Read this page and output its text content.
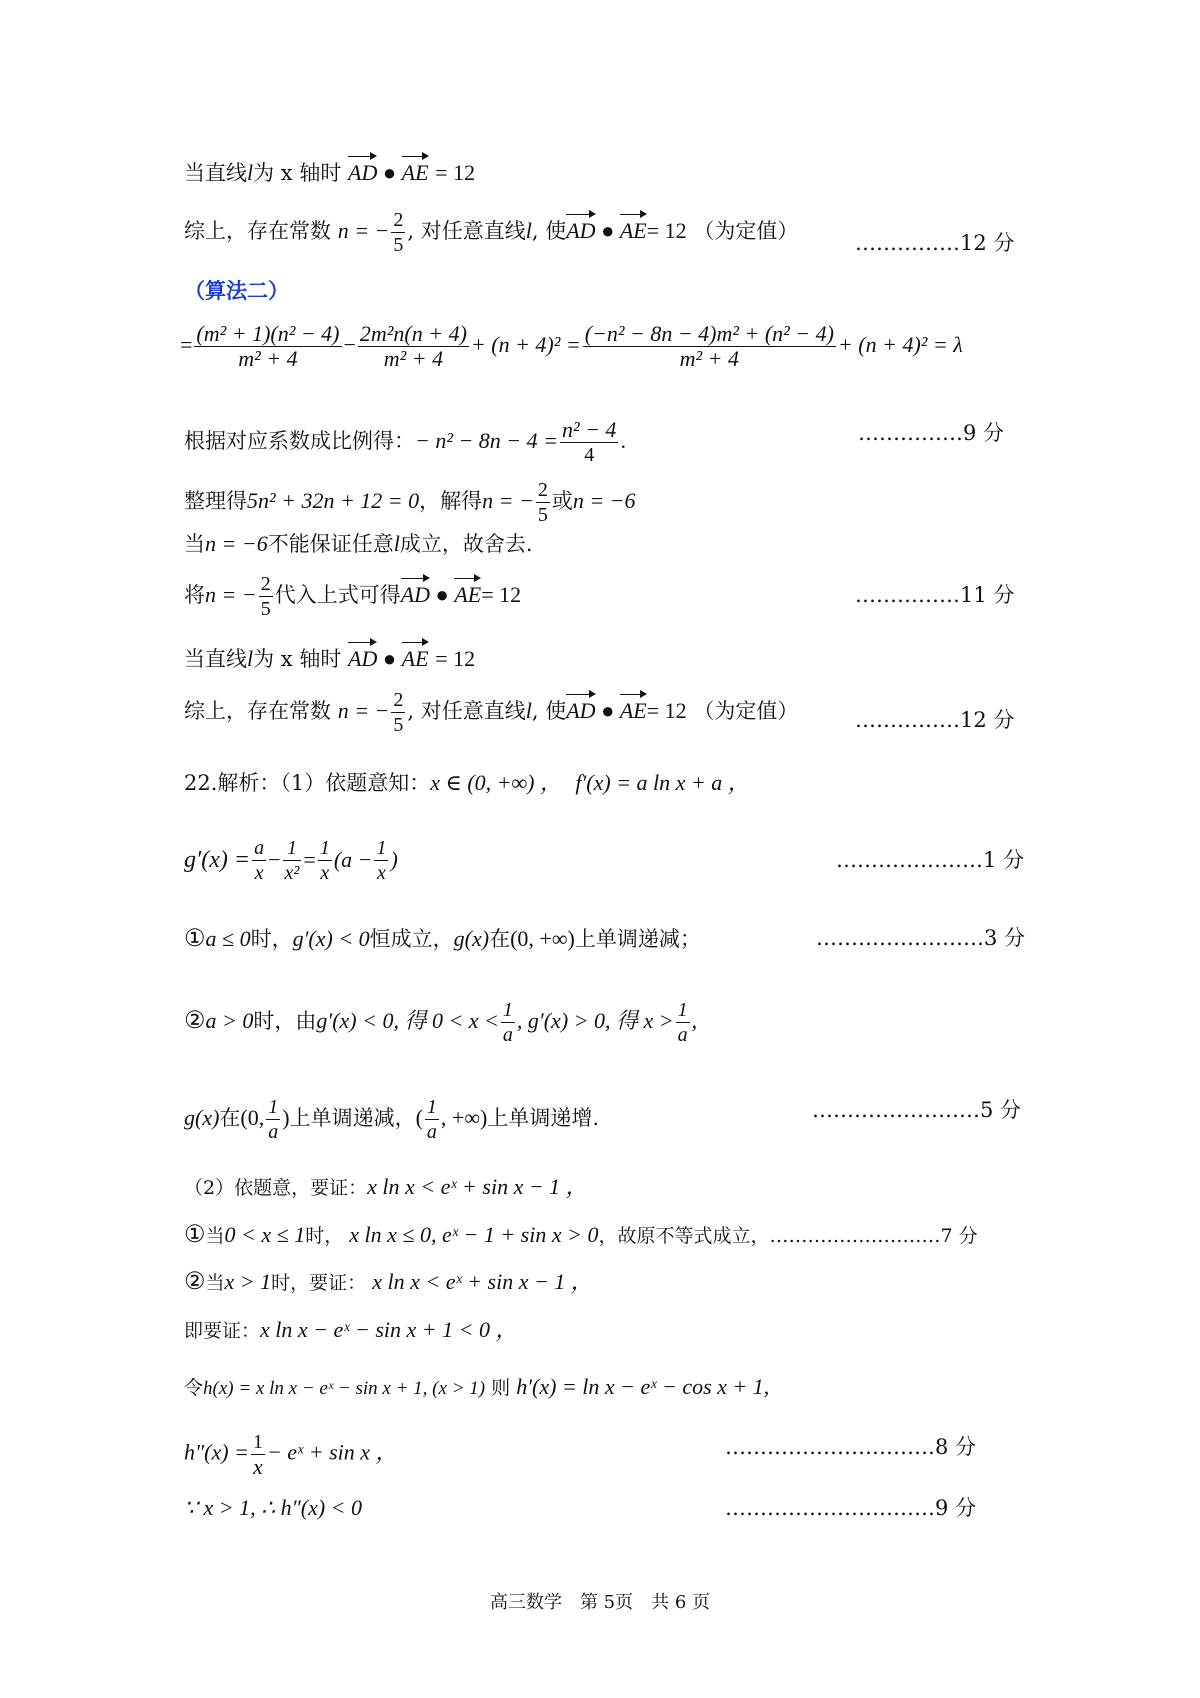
当直线l为 x 轴时 AD ● AE = 12
综上，存在常数 n = − $\frac{2}{5}$ , 对任意直线l, 使AD ● AE= 12 （为定值）	……………12 分
（算法二）
= $\frac{\text{(m² + 1)(n² − 4)}}{\text{m² + 4}} - \frac{\text{2m²n(n + 4)}}{\text{m² + 4}} + (n + 4)^2 = \frac{\text{(−n² − 8n − 4)m² + (n² − 4)}}{\text{m² + 4}} + (n + 4)^2 = \lambda$
根据对应系数成比例得：− $n^2 - 8n - 4 = \frac{\text{n² − 4}}{4}$ .	……………9 分
整理得5n² + 32n + 12 = 0，解得n = − $\frac{2}{5}$ 或n = −6
当n = −6不能保证任意l成立，故舍去.
将n = − $\frac{2}{5}$ 代入上式可得AD ● AE= 12	……………11 分
当直线l为 x 轴时 AD ● AE = 12
综上，存在常数 n = − $\frac{2}{5}$ , 对任意直线l, 使AD ● AE= 12 （为定值）	……………12 分
22.解析：（1）依题意知：x ∈ (0, +∞) ， f′(x) = a ln x + a ，
$g'(x) = \frac{a}{x} - \frac{1}{\text{x²}} = \frac{1}{x} (a - \frac{1}{x}$ )	…………………1 分
①a ≤ 0时，g′(x) < 0恒成立，g(x)在(0, +∞)上单调递减；	……………………3 分
②a > 0时，由g′(x) < 0, 得 $0 < x < \frac{1}{a}$ , g′(x) > 0, 得 $x > \frac{1}{a}$ ,
g(x)在(0, $\frac{1}{a}$ )上单调递减，( $\frac{1}{a}$ , +∞)上单调递增.	……………………5 分
（2）依题意，要证：x ln x < eˣ + sin x − 1 ，
①当0 < x ≤ 1时， x ln x ≤ 0, eˣ − 1 + sin x > 0，故原不等式成立，………………………7 分
②当x > 1时，要证： x ln x < eˣ + sin x − 1 ，
即要证：x ln x − eˣ − sin x + 1 < 0 ，
令h(x) = x ln x − eˣ − sin x + 1, (x > 1) 则 h′(x) = ln x − eˣ − cos x + 1,
$h''(x) = \frac{1}{x}$ − eˣ + sin x ，	…………………………8 分
∵ x > 1, ∴ h″(x) < 0	…………………………9 分
高三数学　第 5页　共 6 页
